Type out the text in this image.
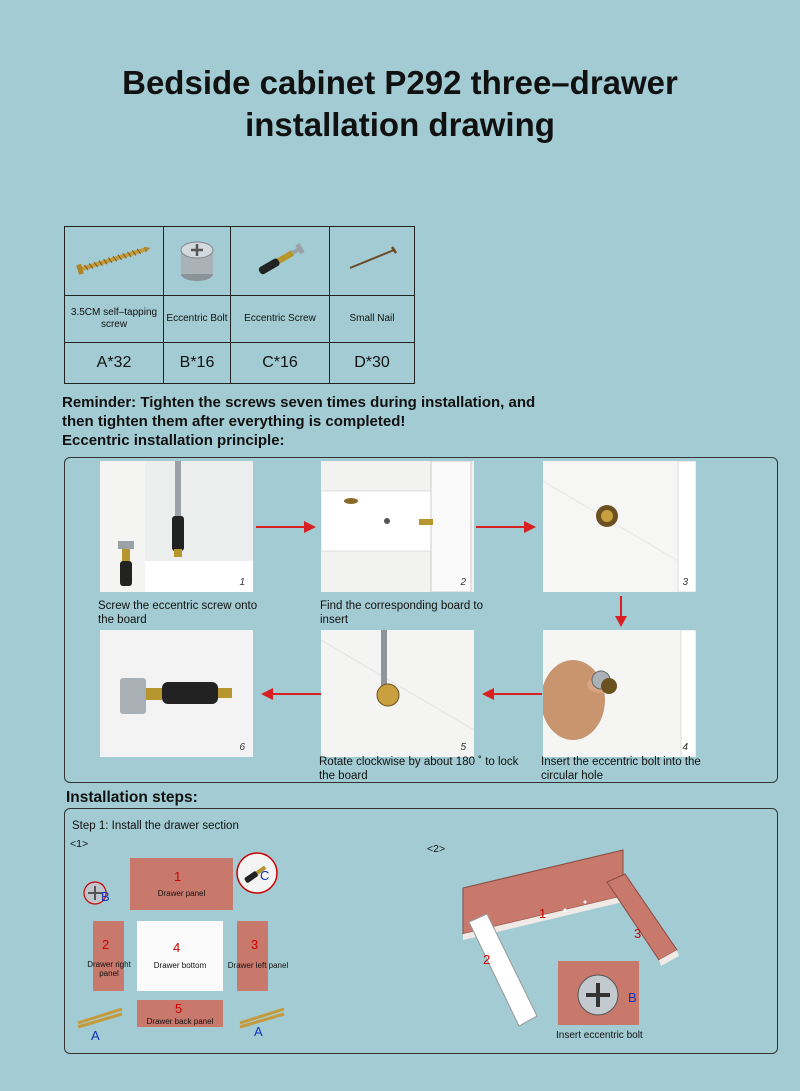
Bedside cabinet P292 three–drawer
installation drawing

3.5CM self–tapping screw	Eccentric Bolt	Eccentric Screw	Small Nail
A*32	B*16	C*16	D*30
Reminder: Tighten the screws seven times during installation, and
then tighten them after everything is completed!
Eccentric installation principle:
1	2	3
6	5	4
Screw the eccentric screw onto the board
Find the corresponding board to insert
Rotate clockwise by about 180 ˚ to lock the board
Insert the eccentric bolt into the circular hole
Installation steps:
Step 1: Install the drawer section
<1>	<2>
1
Drawer panel
C
B
2
Drawer right panel
4
Drawer bottom
3
Drawer left panel
5
Drawer back panel
A	A
1
2
3
B
Insert eccentric bolt
